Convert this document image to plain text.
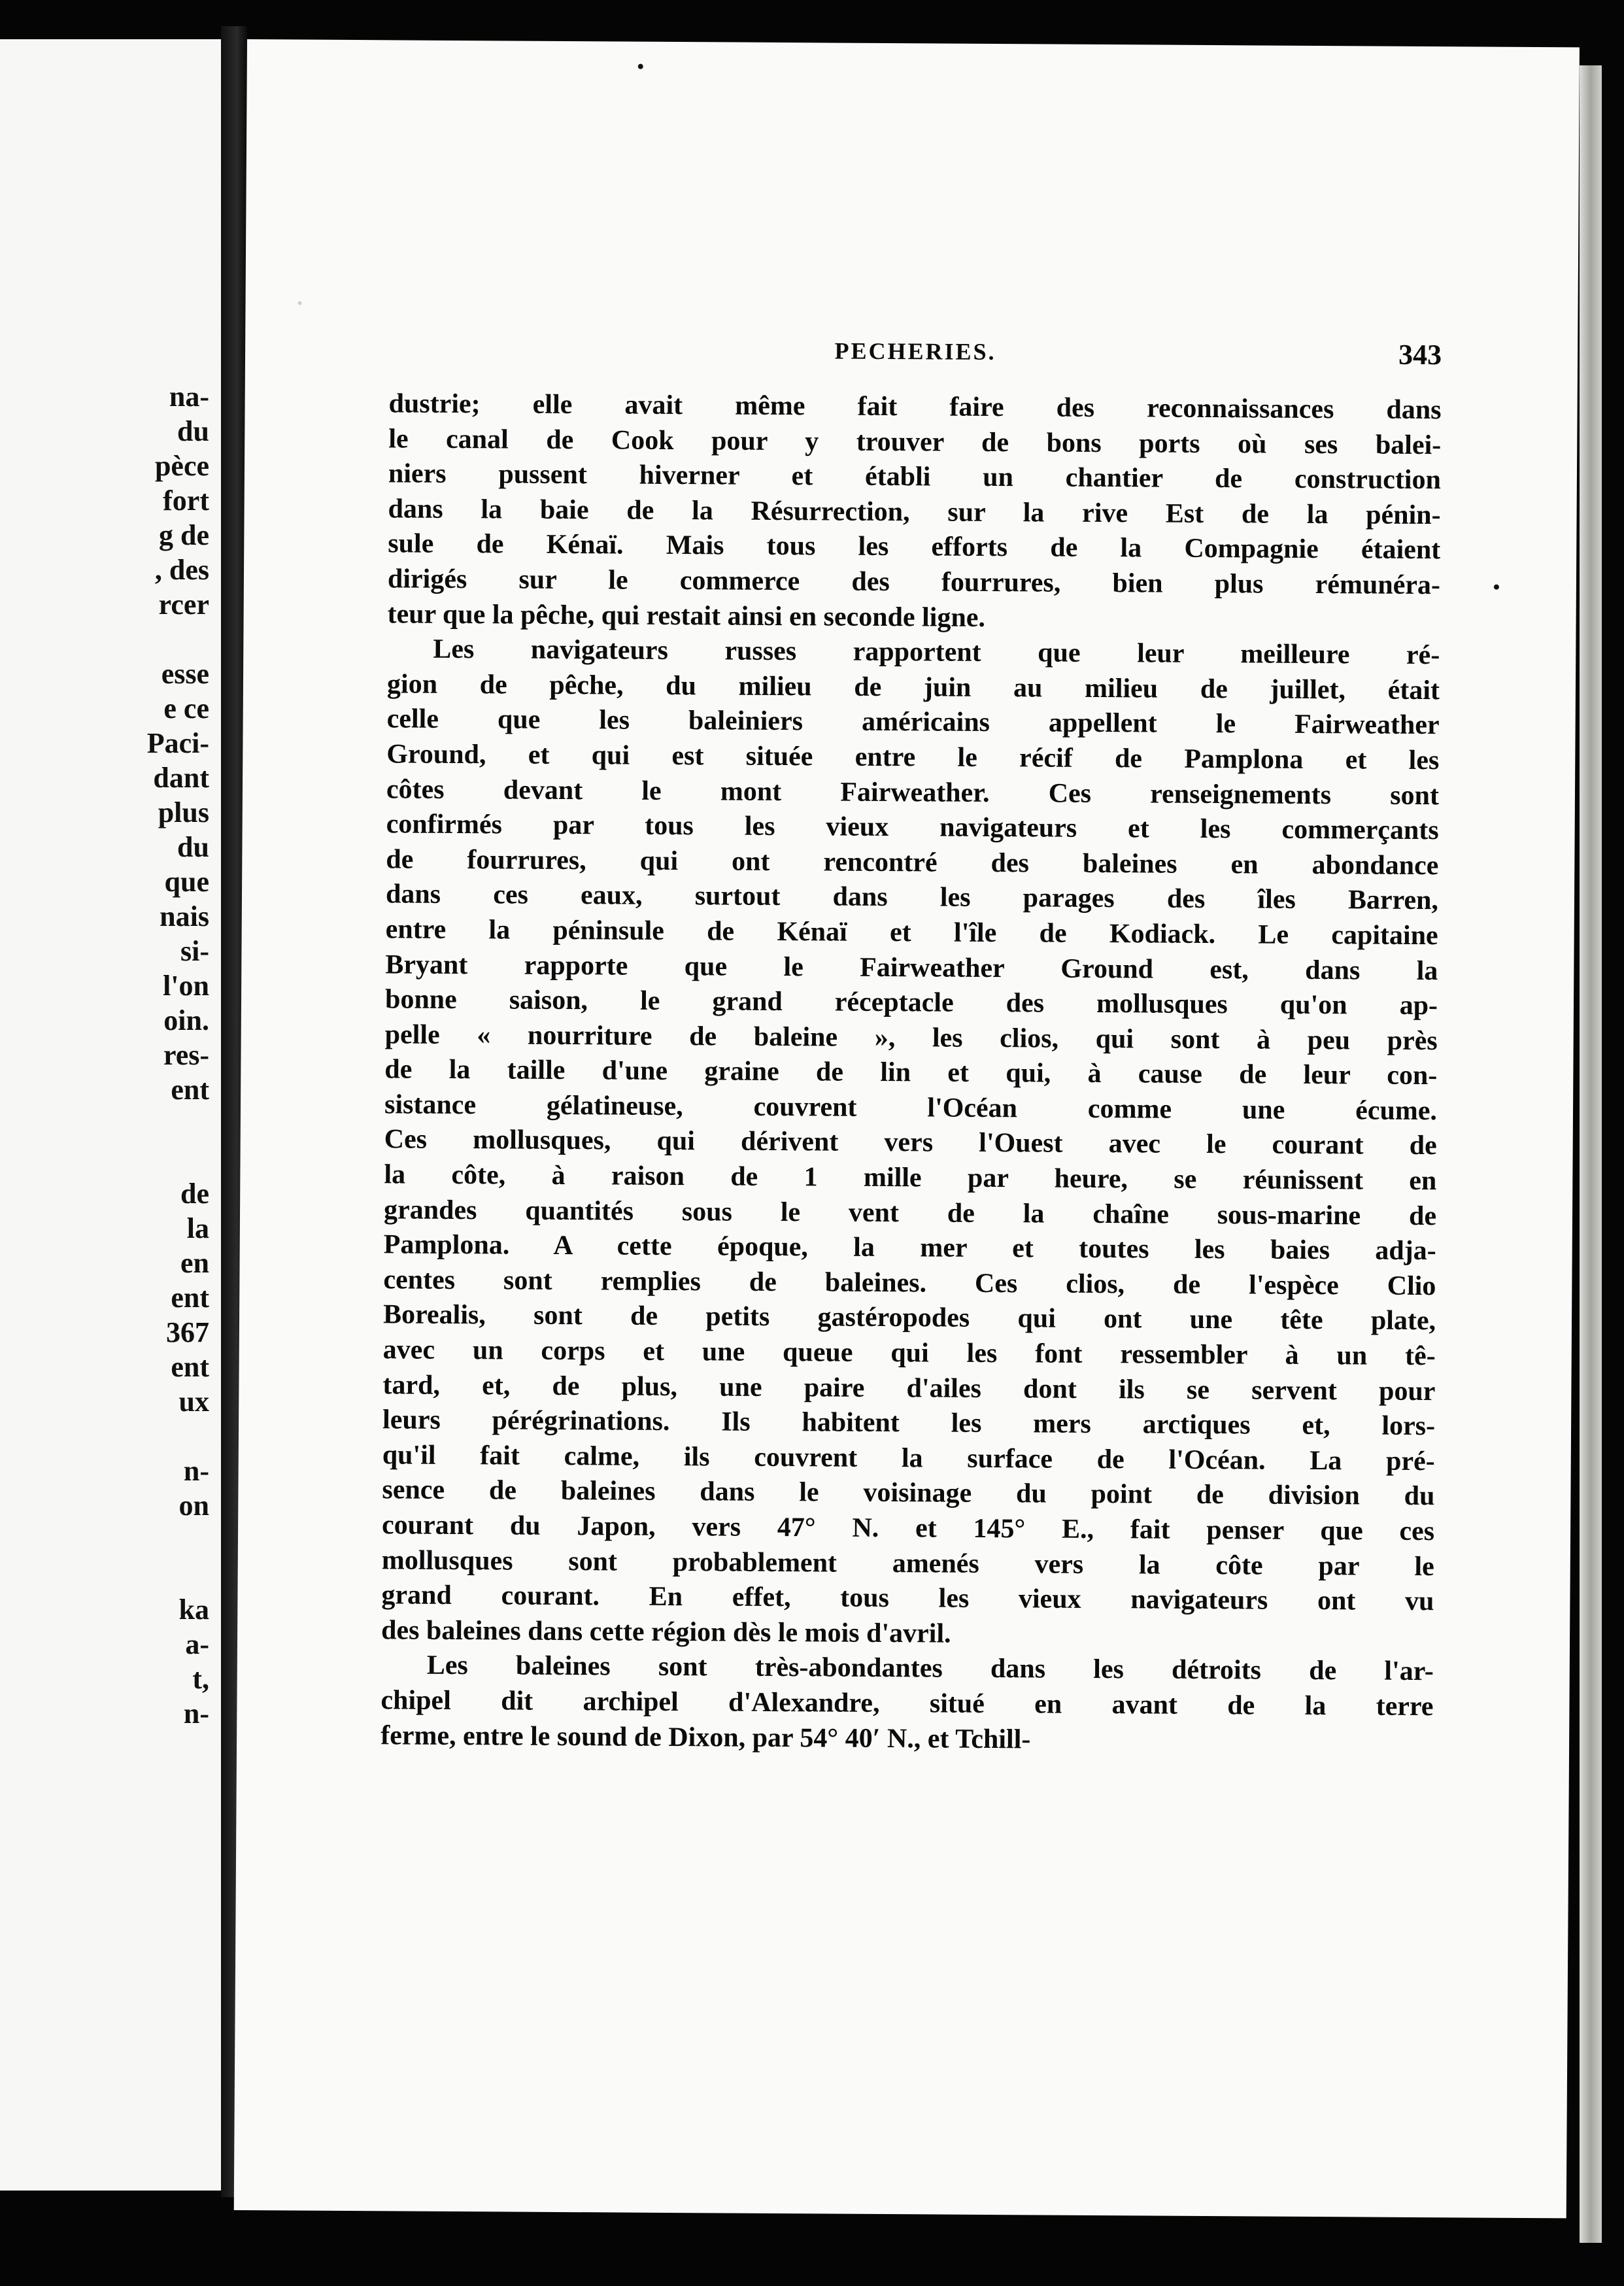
na-
du
pèce
fort
g de
, des
rcer
esse
e ce
Paci-
dant
plus
du
que
nais
si-
l'on
oin.
res-
ent
de
la
en
ent
367
ent
ux
n-
on
ka
a-
t,
n-
PECHERIES.	343
dustrie; elle avait même fait faire des reconnaissances dans
le canal de Cook pour y trouver de bons ports où ses balei-
niers pussent hiverner et établi un chantier de construction
dans la baie de la Résurrection, sur la rive Est de la pénin-
sule de Kénaï. Mais tous les efforts de la Compagnie étaient
dirigés sur le commerce des fourrures, bien plus rémunéra-
teur que la pêche, qui restait ainsi en seconde ligne.
Les navigateurs russes rapportent que leur meilleure ré-
gion de pêche, du milieu de juin au milieu de juillet, était
celle que les baleiniers américains appellent le Fairweather
Ground, et qui est située entre le récif de Pamplona et les
côtes devant le mont Fairweather. Ces renseignements sont
confirmés par tous les vieux navigateurs et les commerçants
de fourrures, qui ont rencontré des baleines en abondance
dans ces eaux, surtout dans les parages des îles Barren,
entre la péninsule de Kénaï et l'île de Kodiack. Le capitaine
Bryant rapporte que le Fairweather Ground est, dans la
bonne saison, le grand réceptacle des mollusques qu'on ap-
pelle « nourriture de baleine », les clios, qui sont à peu près
de la taille d'une graine de lin et qui, à cause de leur con-
sistance gélatineuse, couvrent l'Océan comme une écume.
Ces mollusques, qui dérivent vers l'Ouest avec le courant de
la côte, à raison de 1 mille par heure, se réunissent en
grandes quantités sous le vent de la chaîne sous-marine de
Pamplona. A cette époque, la mer et toutes les baies adja-
centes sont remplies de baleines. Ces clios, de l'espèce Clio
Borealis, sont de petits gastéropodes qui ont une tête plate,
avec un corps et une queue qui les font ressembler à un tê-
tard, et, de plus, une paire d'ailes dont ils se servent pour
leurs pérégrinations. Ils habitent les mers arctiques et, lors-
qu'il fait calme, ils couvrent la surface de l'Océan. La pré-
sence de baleines dans le voisinage du point de division du
courant du Japon, vers 47° N. et 145° E., fait penser que ces
mollusques sont probablement amenés vers la côte par le
grand courant. En effet, tous les vieux navigateurs ont vu
des baleines dans cette région dès le mois d'avril.
Les baleines sont très-abondantes dans les détroits de l'ar-
chipel dit archipel d'Alexandre, situé en avant de la terre
ferme, entre le sound de Dixon, par 54° 40′ N., et Tchill-
